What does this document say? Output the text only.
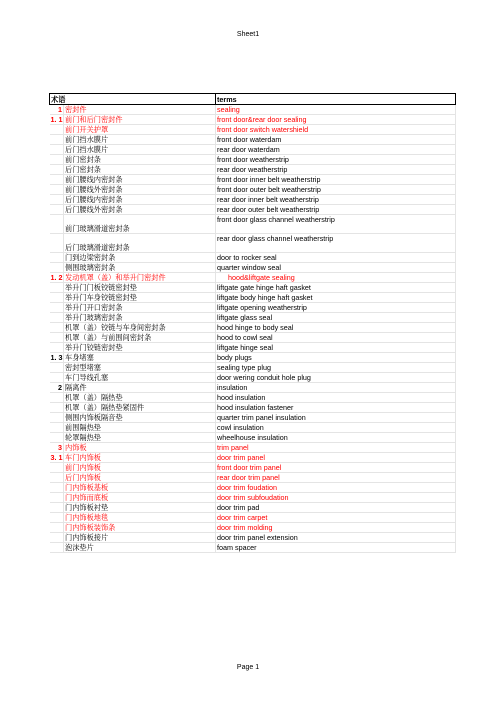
Sheet1
术语		terms
1	密封件	sealing
1. 1	前门和后门密封件	front door&rear door sealing
	前门开关护罩	front door switch watershield
	前门挡水膜片	front door waterdam
	后门挡水膜片	rear door waterdam
	前门密封条	front door weatherstrip
	后门密封条	rear door weatherstrip
	前门腰线内密封条	front door inner belt weatherstrip
	前门腰线外密封条	front door outer belt weatherstrip
	后门腰线内密封条	rear door inner belt weatherstrip
	后门腰线外密封条	rear door outer belt weatherstrip
	前门玻璃滑道密封条	front door glass channel weatherstrip
	后门玻璃滑道密封条	rear door glass channel weatherstrip
	门到边梁密封条	door to rocker seal
	侧围玻璃密封条	quarter window seal
1. 2	发动机罩（盖）和举升门密封件	hood&liftgate sealing
	举升门门板铰链密封垫	liftgate gate hinge haft gasket
	举升门车身铰链密封垫	liftgate body hinge haft gasket
	举升门开口密封条	liftgate opening weatherstrip
	举升门玻璃密封条	liftgate glass seal
	机罩（盖）铰链与车身间密封条	hood hinge to body seal
	机罩（盖）与前围间密封条	hood to cowl seal
	举升门铰链密封垫	liftgate hinge seal
1. 3	车身堵塞	body plugs
	密封型堵塞	sealing type plug
	车门导线孔塞	door wering conduit hole plug
2	隔离件	insulation
	机罩（盖）隔热垫	hood insulation
	机罩（盖）隔热垫紧固件	hood insulation fastener
	侧围内饰板隔音垫	quarter trim panel insulation
	前围隔热垫	cowl insulation
	轮罩隔热垫	wheelhouse insulation
3	内饰板	trim panel
3. 1	车门内饰板	door trim panel
	前门内饰板	front door trim panel
	后门内饰板	rear door trim panel
	门内饰板基板	door trim foudation
	门内饰而底板	door trim subfoudation
	门内饰板衬垫	door trim pad
	门内饰板地毯	door trim carpet
	门内饰板装饰条	door trim molding
	门内饰板接片	door trim panel extension
	泡沫垫片	foam spacer
Page 1
